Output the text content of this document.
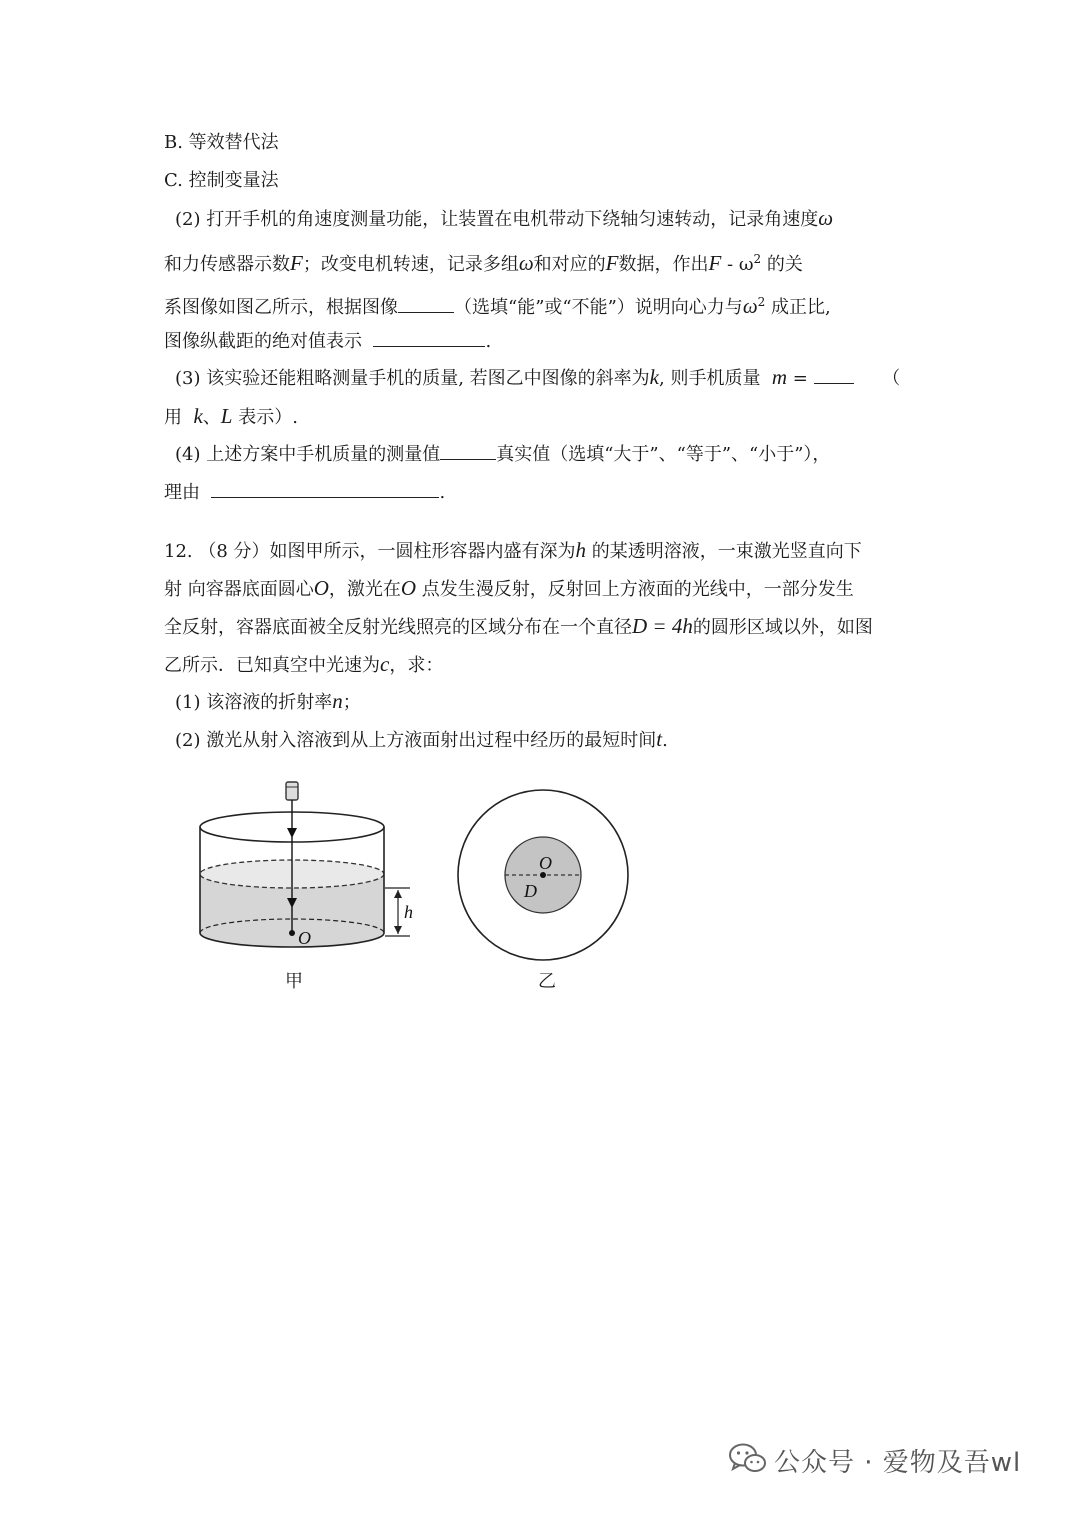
B. 等效替代法
C. 控制变量法
(2) 打开手机的角速度测量功能，让装置在电机带动下绕轴匀速转动，记录角速度ω
和力传感器示数F；改变电机转速，记录多组ω和对应的F数据，作出F - $\omega^2$ 的关
系图像如图乙所示，根据图像	（选填“能”或“不能”）说明向心力与$\omega^2$ 成正比,
图像纵截距的绝对值表示	.
(3) 该实验还能粗略测量手机的质量, 若图乙中图像的斜率为k, 则手机质量 m =	（
用 k、L 表示）.
(4) 上述方案中手机质量的测量值	真实值（选填“大于”、“等于”、“小于”），
理由	.
12. （8 分）如图甲所示，一圆柱形容器内盛有深为h 的某透明溶液，一束激光竖直向下
射 向容器底面圆心O，激光在O 点发生漫反射，反射回上方液面的光线中，一部分发生
全反射，容器底面被全反射光线照亮的区域分布在一个直径D = 4h的圆形区域以外，如图
乙所示．已知真空中光速为c，求：
(1) 该溶液的折射率n；
(2) 激光从射入溶液到从上方液面射出过程中经历的最短时间t.
O
h
甲
O
D
乙
公众号 · 爱物及吾wl
